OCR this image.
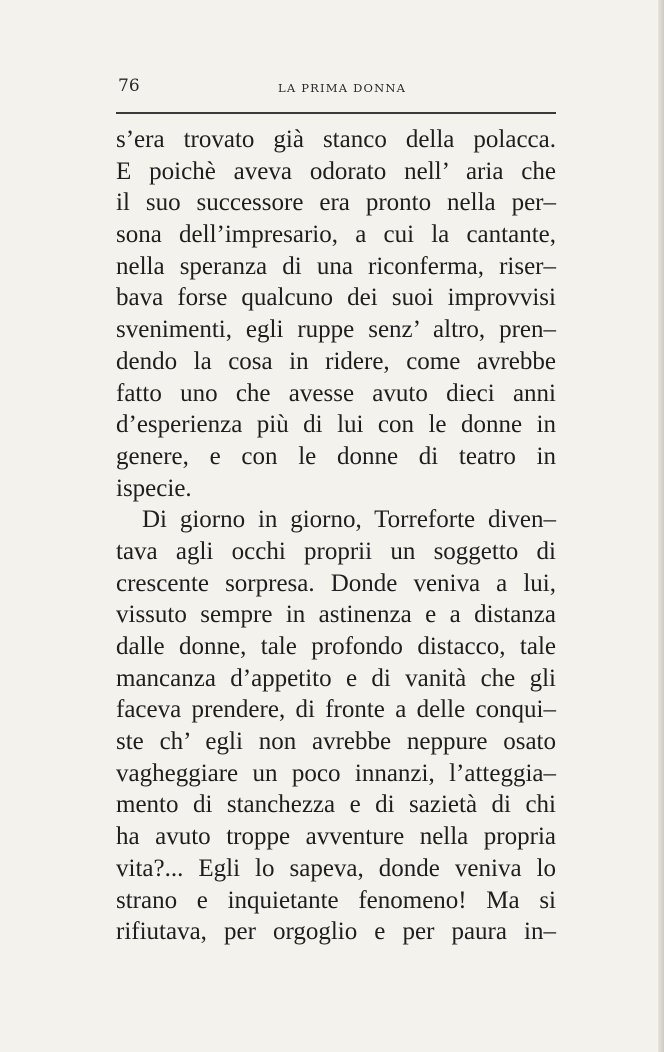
76	LA PRIMA DONNA
s’era trovato già stanco della polacca.
E poichè aveva odorato nell’ aria che
il suo successore era pronto nella per–
sona dell’impresario, a cui la cantante,
nella speranza di una riconferma, riser–
bava forse qualcuno dei suoi improvvisi
svenimenti, egli ruppe senz’ altro, pren–
dendo la cosa in ridere, come avrebbe
fatto uno che avesse avuto dieci anni
d’esperienza più di lui con le donne in
genere, e con le donne di teatro in
ispecie.
Di giorno in giorno, Torreforte diven–
tava agli occhi proprii un soggetto di
crescente sorpresa. Donde veniva a lui,
vissuto sempre in astinenza e a distanza
dalle donne, tale profondo distacco, tale
mancanza d’appetito e di vanità che gli
faceva prendere, di fronte a delle conqui–
ste ch’ egli non avrebbe neppure osato
vagheggiare un poco innanzi, l’atteggia–
mento di stanchezza e di sazietà di chi
ha avuto troppe avventure nella propria
vita?... Egli lo sapeva, donde veniva lo
strano e inquietante fenomeno! Ma si
rifiutava, per orgoglio e per paura in–
